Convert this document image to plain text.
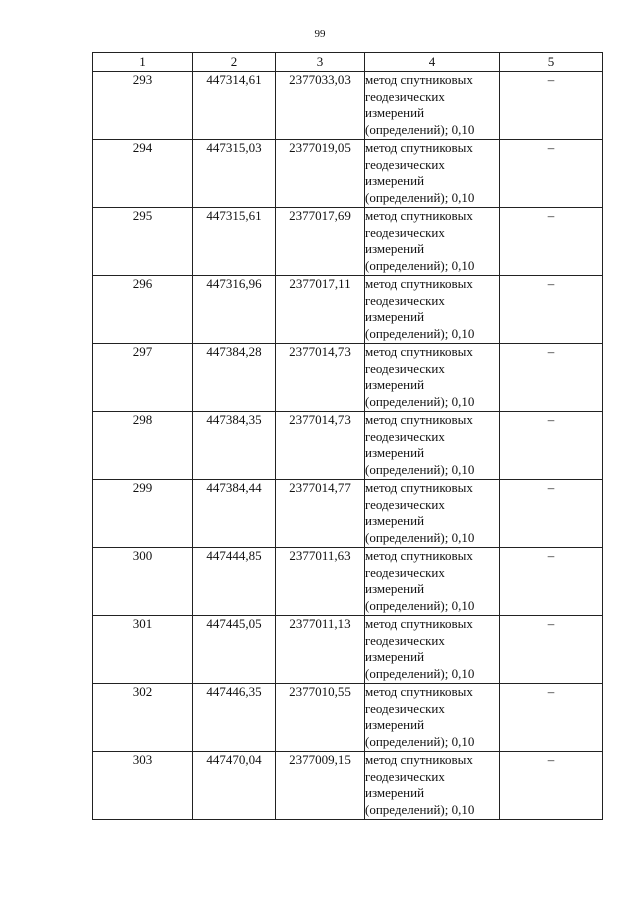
99
1	2	3	4	5
293	447314,61	2377033,03	метод спутниковых геодезических измерений (определений); 0,10	–
294	447315,03	2377019,05	метод спутниковых геодезических измерений (определений); 0,10	–
295	447315,61	2377017,69	метод спутниковых геодезических измерений (определений); 0,10	–
296	447316,96	2377017,11	метод спутниковых геодезических измерений (определений); 0,10	–
297	447384,28	2377014,73	метод спутниковых геодезических измерений (определений); 0,10	–
298	447384,35	2377014,73	метод спутниковых геодезических измерений (определений); 0,10	–
299	447384,44	2377014,77	метод спутниковых геодезических измерений (определений); 0,10	–
300	447444,85	2377011,63	метод спутниковых геодезических измерений (определений); 0,10	–
301	447445,05	2377011,13	метод спутниковых геодезических измерений (определений); 0,10	–
302	447446,35	2377010,55	метод спутниковых геодезических измерений (определений); 0,10	–
303	447470,04	2377009,15	метод спутниковых геодезических измерений (определений); 0,10	–
